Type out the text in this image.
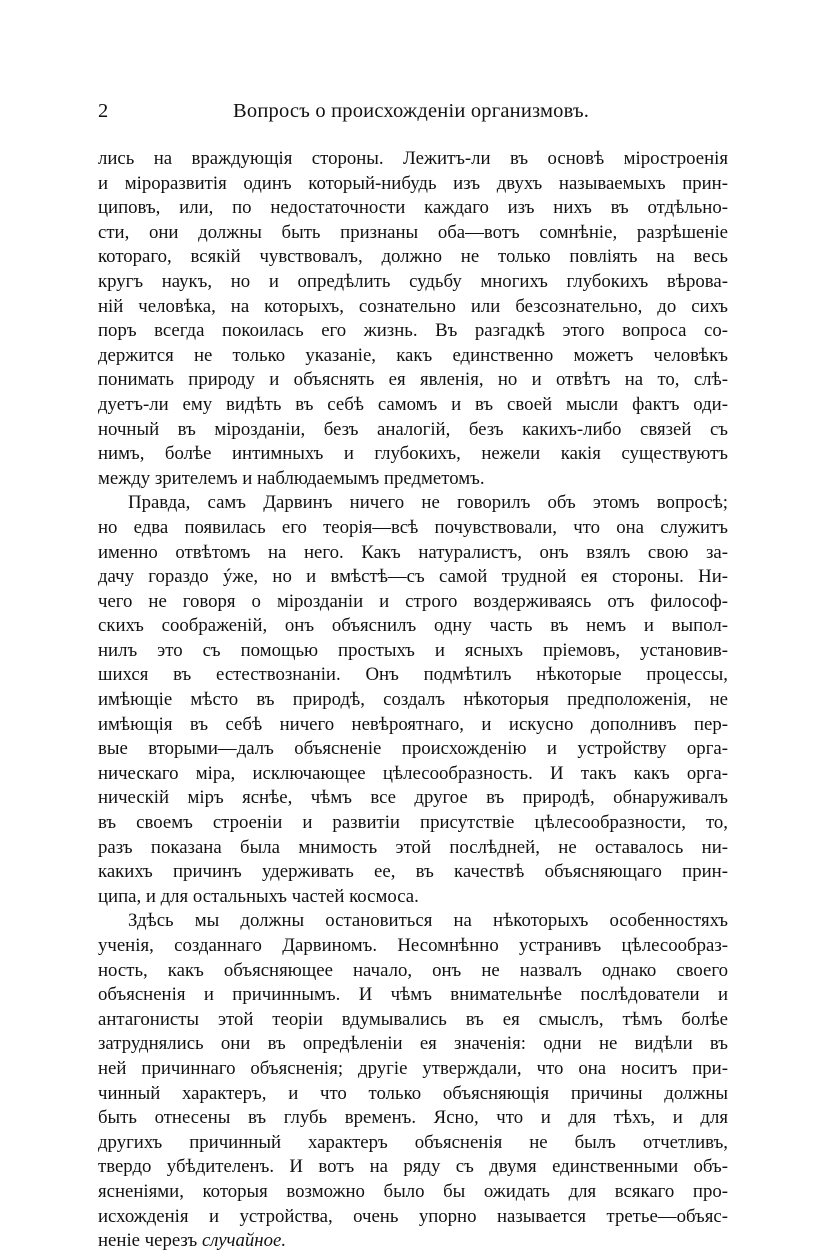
2	Вопросъ о происхожденіи организмовъ.
лись на враждующія стороны. Лежитъ-ли въ основѣ міростроенія
и міроразвитія одинъ который-нибудь изъ двухъ называемыхъ прин-
циповъ, или, по недостаточности каждаго изъ нихъ въ отдѣльно-
сти, они должны быть признаны оба—вотъ сомнѣніе, разрѣшеніе
котораго, всякій чувствовалъ, должно не только повліять на весь
кругъ наукъ, но и опредѣлить судьбу многихъ глубокихъ вѣрова-
ній человѣка, на которыхъ, сознательно или безсознательно, до сихъ
поръ всегда покоилась его жизнь. Въ разгадкѣ этого вопроса со-
держится не только указаніе, какъ единственно можетъ человѣкъ
понимать природу и объяснять ея явленія, но и отвѣтъ на то, слѣ-
дуетъ-ли ему видѣть въ себѣ самомъ и въ своей мысли фактъ оди-
ночный въ мірозданіи, безъ аналогій, безъ какихъ-либо связей съ
нимъ, болѣе интимныхъ и глубокихъ, нежели какія существуютъ
между зрителемъ и наблюдаемымъ предметомъ.
Правда, самъ Дарвинъ ничего не говорилъ объ этомъ вопросѣ;
но едва появилась его теорія—всѣ почувствовали, что она служитъ
именно отвѣтомъ на него. Какъ натуралистъ, онъ взялъ свою за-
дачу гораздо ýже, но и вмѣстѣ—съ самой трудной ея стороны. Ни-
чего не говоря о мірозданіи и строго воздерживаясь отъ философ-
скихъ соображеній, онъ объяснилъ одну часть въ немъ и выпол-
нилъ это съ помощью простыхъ и ясныхъ пріемовъ, установив-
шихся въ естествознаніи. Онъ подмѣтилъ нѣкоторые процессы,
имѣющіе мѣсто въ природѣ, создалъ нѣкоторыя предположенія, не
имѣющія въ себѣ ничего невѣроятнаго, и искусно дополнивъ пер-
вые вторыми—далъ объясненіе происхожденію и устройству орга-
ническаго міра, исключающее цѣлесообразность. И такъ какъ орга-
ническій міръ яснѣе, чѣмъ все другое въ природѣ, обнаруживалъ
въ своемъ строеніи и развитіи присутствіе цѣлесообразности, то,
разъ показана была мнимость этой послѣдней, не оставалось ни-
какихъ причинъ удерживать ее, въ качествѣ объясняющаго прин-
ципа, и для остальныхъ частей космоса.
Здѣсь мы должны остановиться на нѣкоторыхъ особенностяхъ
ученія, созданнаго Дарвиномъ. Несомнѣнно устранивъ цѣлесообраз-
ность, какъ объясняющее начало, онъ не назвалъ однако своего
объясненія и причиннымъ. И чѣмъ внимательнѣе послѣдователи и
антагонисты этой теоріи вдумывались въ ея смыслъ, тѣмъ болѣе
затруднялись они въ опредѣленіи ея значенія: одни не видѣли въ
ней причиннаго объясненія; другіе утверждали, что она носитъ при-
чинный характеръ, и что только объясняющія причины должны
быть отнесены въ глубь временъ. Ясно, что и для тѣхъ, и для
другихъ причинный характеръ объясненія не былъ отчетливъ,
твердо убѣдителенъ. И вотъ на ряду съ двумя единственными объ-
ясненіями, которыя возможно было бы ожидать для всякаго про-
исхожденія и устройства, очень упорно называется третье—объяс-
неніе черезъ случайное.
